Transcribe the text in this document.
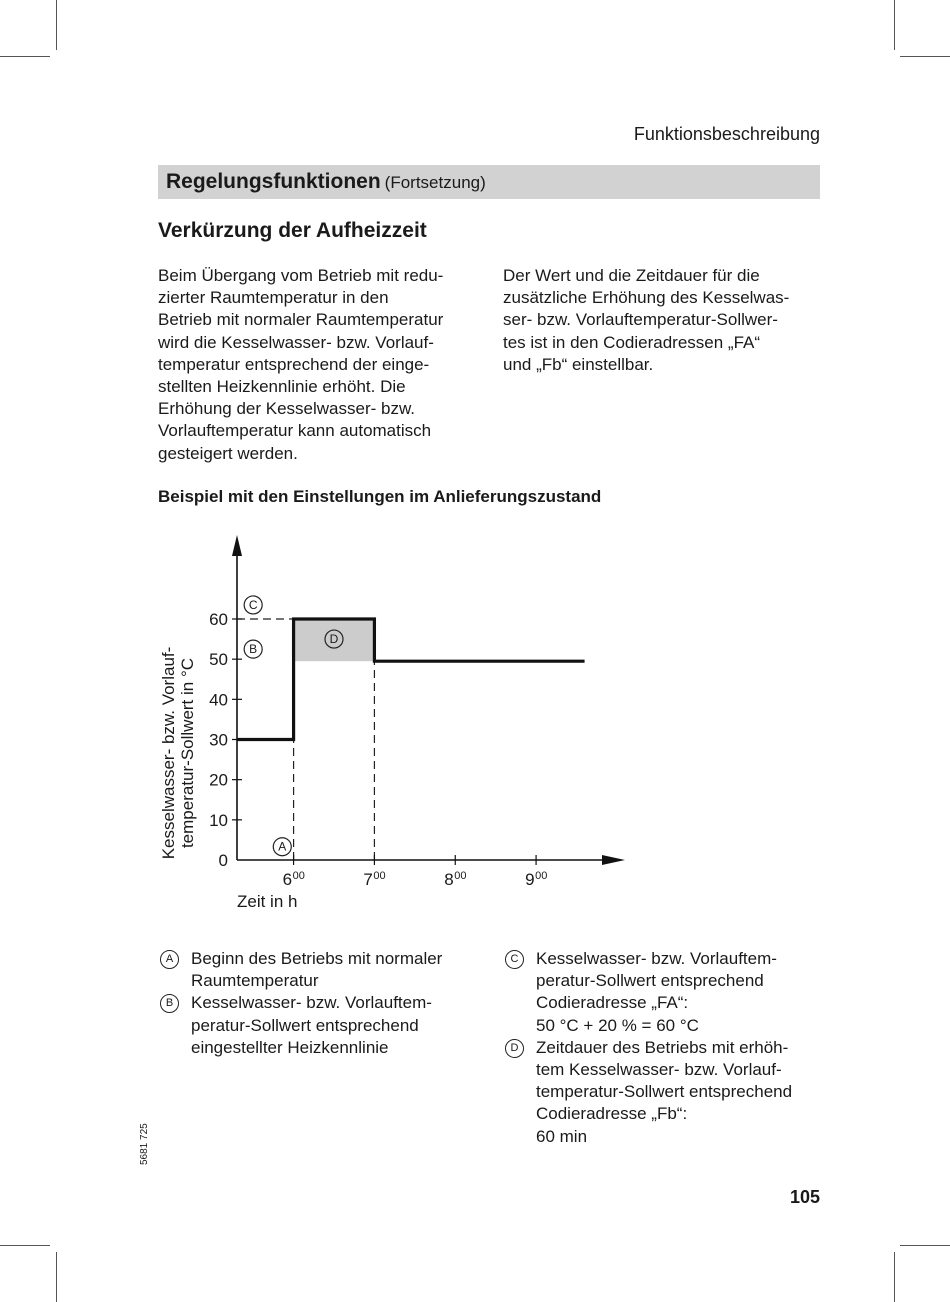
Funktionsbeschreibung
Regelungsfunktionen (Fortsetzung)
Verkürzung der Aufheizzeit
Beim Übergang vom Betrieb mit redu-
zierter Raumtemperatur in den
Betrieb mit normaler Raumtemperatur
wird die Kesselwasser- bzw. Vorlauf-
temperatur entsprechend der einge-
stellten Heizkennlinie erhöht. Die
Erhöhung der Kesselwasser- bzw.
Vorlauftemperatur kann automatisch
gesteigert werden.
Der Wert und die Zeitdauer für die
zusätzliche Erhöhung des Kesselwas-
ser- bzw. Vorlauftemperatur-Sollwer-
tes ist in den Codieradressen „FA“
und „Fb“ einstellbar.
Beispiel mit den Einstellungen im Anlieferungszustand
0
10
20
30
40
50
60
6 00	7 00	8 00	9 00
A
B
C
D
Kesselwasser- bzw. Vorlauf- temperatur-Sollwert in °C
Zeit in h
A	Beginn des Betriebs mit normaler
Raumtemperatur
B	Kesselwasser- bzw. Vorlauftem-
peratur-Sollwert entsprechend
eingestellter Heizkennlinie
C	Kesselwasser- bzw. Vorlauftem-
peratur-Sollwert entsprechend
Codieradresse „FA“:
50 °C + 20 % = 60 °C
D	Zeitdauer des Betriebs mit erhöh-
tem Kesselwasser- bzw. Vorlauf-
temperatur-Sollwert entsprechend
Codieradresse „Fb“:
60 min
5681 725
105
